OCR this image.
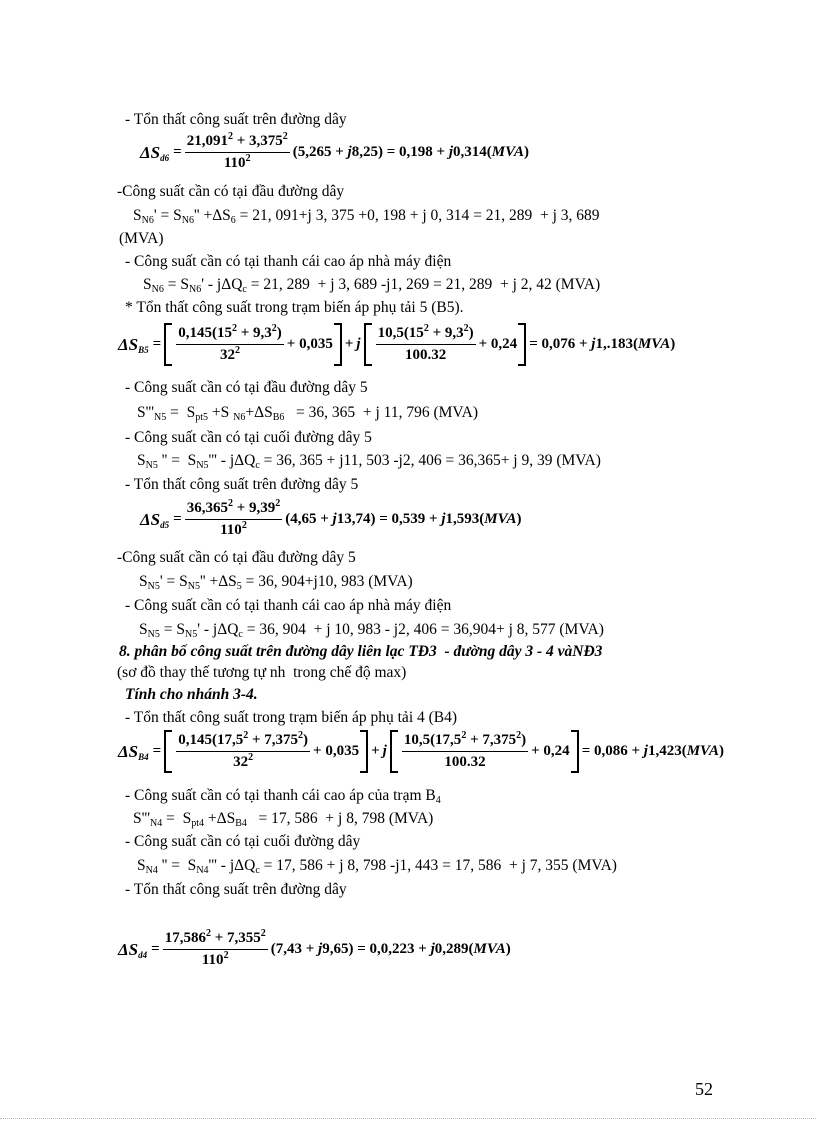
- Tổn thất công suất trên đường dây
$\Delta S_{d6} = \frac{21,091^2 + 3,375^2}{110^2} (5,265 + j8,25) = 0,198 + j0,314(MVA)$
-Công suất cần có tại đầu đường dây
$S_{N6}' = S_{N6}'' +\Delta S_6 = 21$, 091+j 3, 375 +0, 198 + j 0, 314 = 21, 289  + j 3, 689
(MVA)
- Công suất cần có tại thanh cái cao áp nhà máy điện
$S_{N6} = S_{N6}' - j\Delta Q_c = 21$, 289  + j 3, 689 -j1, 269 = 21, 289  + j 2, 42 (MVA)
* Tổn thất công suất trong trạm biến áp phụ tải 5 (B5).
$\Delta S_{B5} = \frac{0,145(15^2 + 9,3^2)}{32^2} + 0,035 + j \frac{10,5(15^2 + 9,3^2)}{100.32} + 0,24 = 0,076 + j1,.183(MVA)$
- Công suất cần có tại đầu đường dây 5
$S'''_{N5} = S_{pt5} +S$ $_{N6}+\Delta S_{B6} = 36$, 365  + j 11, 796 (MVA)
- Công suất cần có tại cuối đường dây 5
$S_{N5}$ '' =  $S_{N5}''' - j\Delta Q_c = 36$, 365 + j11, 503 -j2, 406 = 36,365+ j 9, 39 (MVA)
- Tổn thất công suất trên đường dây 5
$\Delta S_{d5} = \frac{36,365^2 + 9,39^2}{110^2} (4,65 + j13,74) = 0,539 + j1,593(MVA)$
-Công suất cần có tại đầu đường dây 5
$S_{N5}' = S_{N5}'' +\Delta S_5 = 36$, 904+j10, 983 (MVA)
- Công suất cần có tại thanh cái cao áp nhà máy điện
$S_{N5} = S_{N5}' - j\Delta Q_c = 36$, 904  + j 10, 983 - j2, 406 = 36,904+ j 8, 577 (MVA)
8. phân bố công suất trên đường dây liên lạc TĐ3  - đường dây 3 - 4 vàNĐ3
(sơ đồ thay thế tương tự nh  trong chế độ max)
Tính cho nhánh 3-4.
- Tổn thất công suất trong trạm biến áp phụ tải 4 (B4)
$\Delta S_{B4} = \frac{0,145(17,5^2 + 7,375^2)}{32^2} + 0,035 + j \frac{10,5(17,5^2 + 7,375^2)}{100.32} + 0,24 = 0,086 + j1,423(MVA)$
- Công suất cần có tại thanh cái cao áp của trạm $B_4$
$S'''_{N4} = S_{pt4} +\Delta S_{B4} = 17$, 586  + j 8, 798 (MVA)
- Công suất cần có tại cuối đường dây
$S_{N4}$ '' =  $S_{N4}''' - j\Delta Q_c = 17$, 586 + j 8, 798 -j1, 443 = 17, 586  + j 7, 355 (MVA)
- Tổn thất công suất trên đường dây
$\Delta S_{d4} = \frac{17,586^2 + 7,355^2}{110^2} (7,43 + j9,65) = 0,0,223 + j0,289(MVA)$
52
